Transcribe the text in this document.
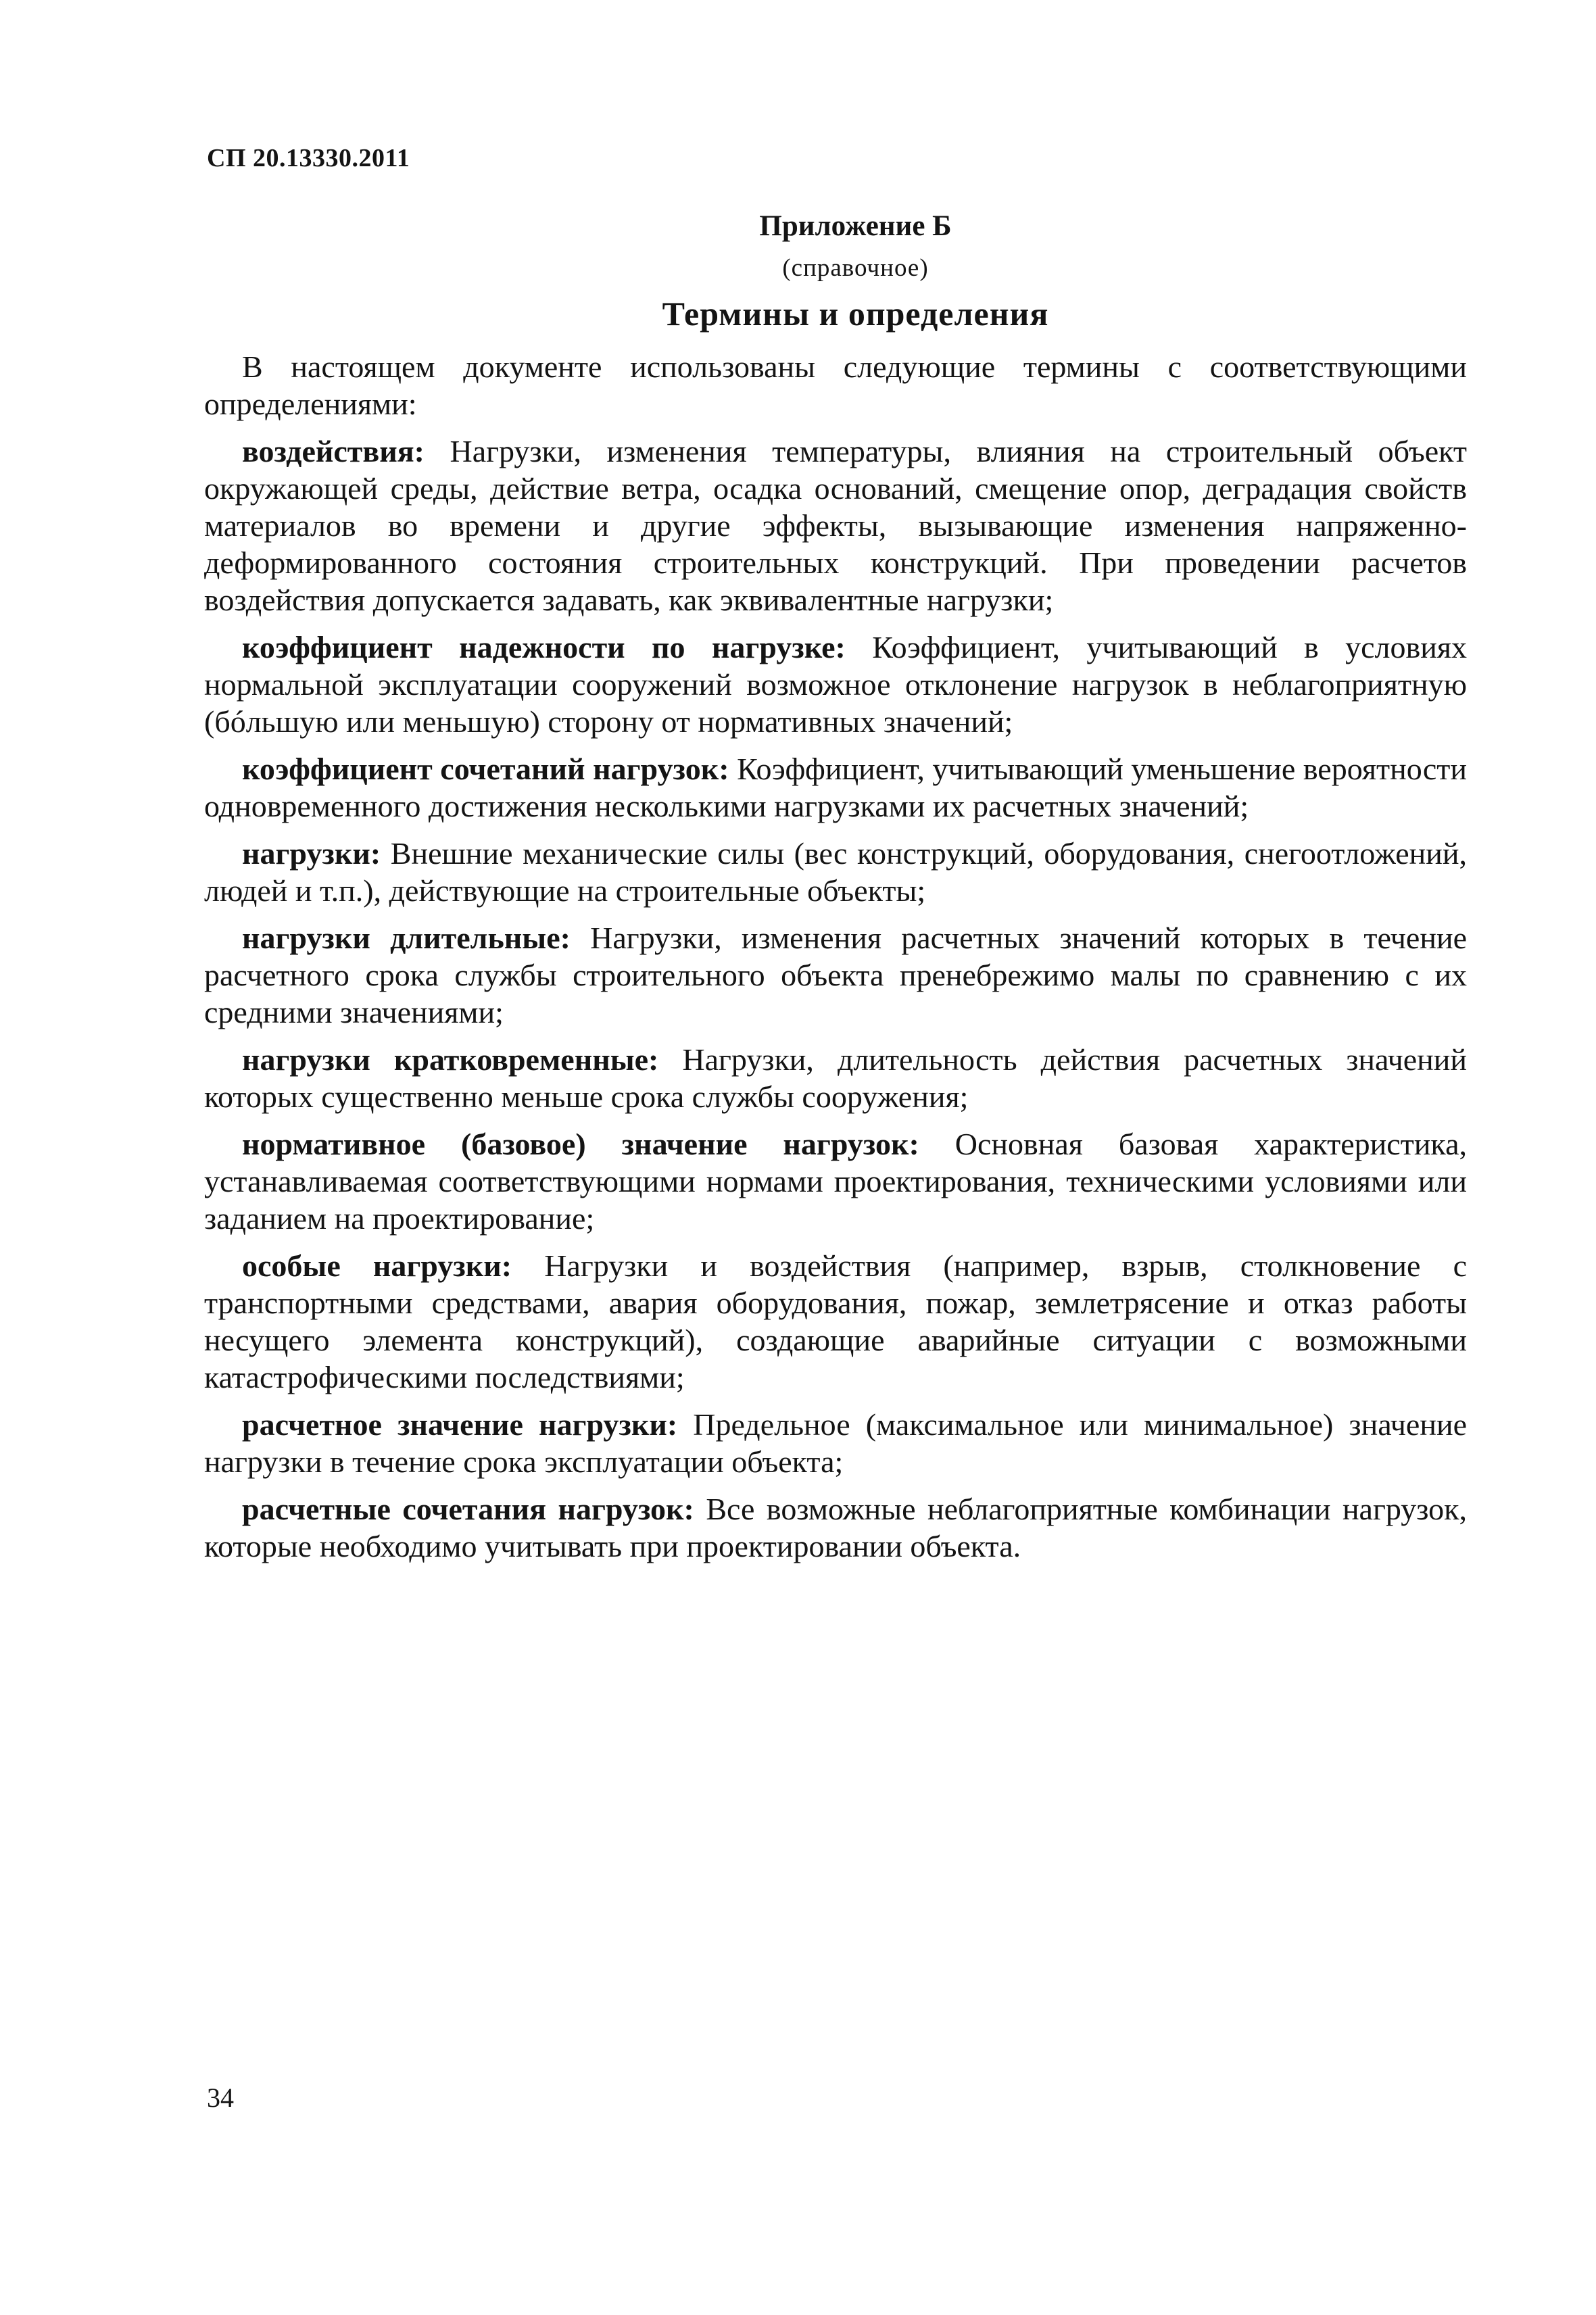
СП 20.13330.2011
Приложение Б
(справочное)
Термины и определения

В настоящем документе использованы следующие термины с соответствующими определениями:

воздействия: Нагрузки, изменения температуры, влияния на строительный объект окружающей среды, действие ветра, осадка оснований, смещение опор, деградация свойств материалов во времени и другие эффекты, вызывающие изменения напряженно-деформированного состояния строительных конструкций. При проведении расчетов воздействия допускается задавать, как эквивалентные нагрузки;

коэффициент надежности по нагрузке: Коэффициент, учитывающий в условиях нормальной эксплуатации сооружений возможное отклонение нагрузок в неблагоприятную (бóльшую или меньшую) сторону от нормативных значений;

коэффициент сочетаний нагрузок: Коэффициент, учитывающий уменьшение вероятности одновременного достижения несколькими нагрузками их расчетных значений;

нагрузки: Внешние механические силы (вес конструкций, оборудования, снегоотложений, людей и т.п.), действующие на строительные объекты;

нагрузки длительные: Нагрузки, изменения расчетных значений которых в течение расчетного срока службы строительного объекта пренебрежимо малы по сравнению с их средними значениями;

нагрузки кратковременные: Нагрузки, длительность действия расчетных значений которых существенно меньше срока службы сооружения;

нормативное (базовое) значение нагрузок: Основная базовая характеристика, устанавливаемая соответствующими нормами проектирования, техническими условиями или заданием на проектирование;

особые нагрузки: Нагрузки и воздействия (например, взрыв, столкновение с транспортными средствами, авария оборудования, пожар, землетрясение и отказ работы несущего элемента конструкций), создающие аварийные ситуации с возможными катастрофическими последствиями;

расчетное значение нагрузки: Предельное (максимальное или минимальное) значение нагрузки в течение срока эксплуатации объекта;

расчетные сочетания нагрузок: Все возможные неблагоприятные комбинации нагрузок, которые необходимо учитывать при проектировании объекта.

34
